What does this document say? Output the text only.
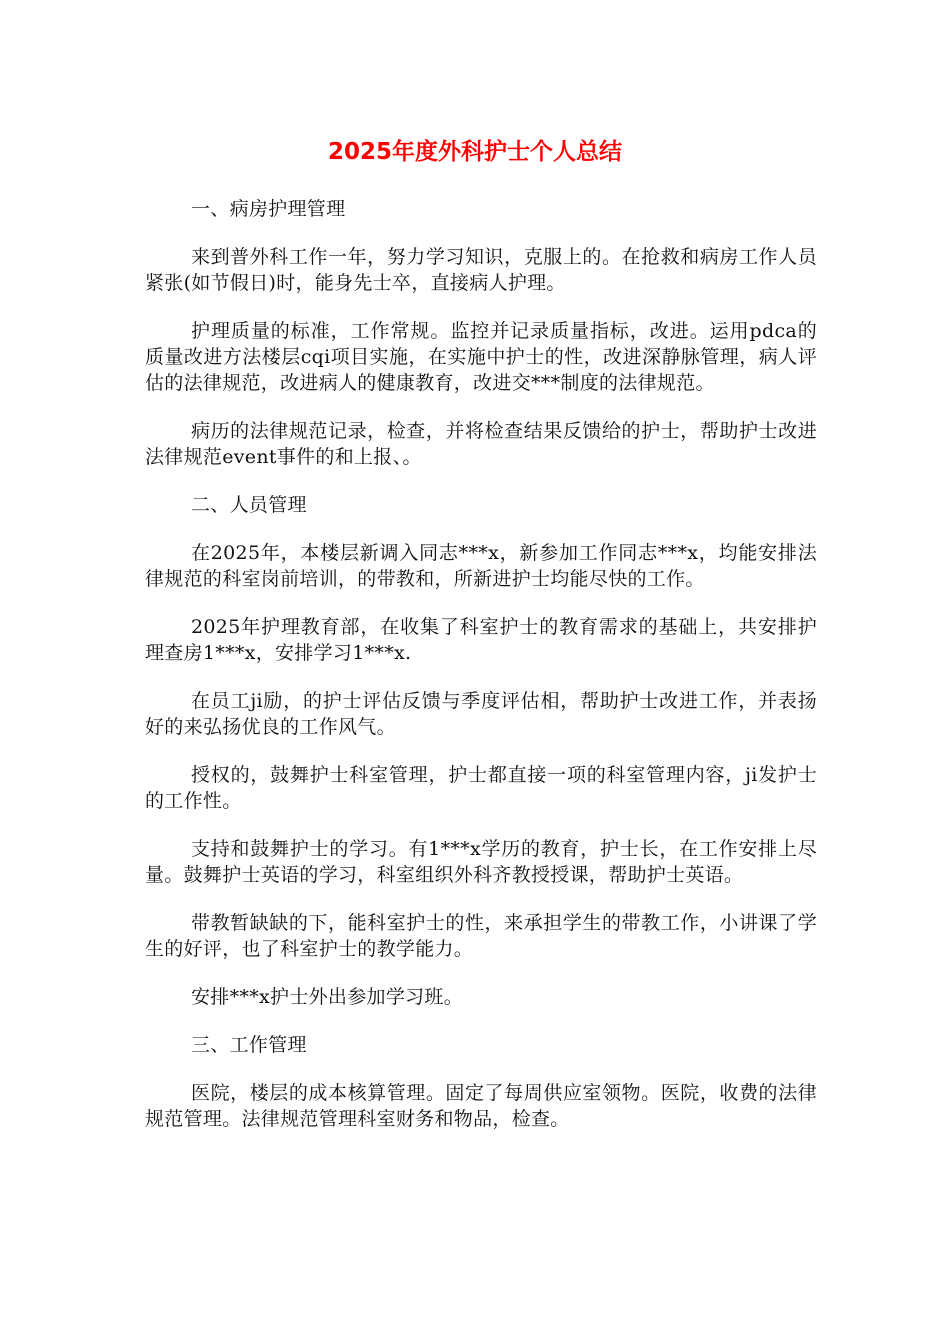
2025年度外科护士个人总结

一、病房护理管理

来到普外科工作一年，努力学习知识，克服上的。在抢救和病房工作人员紧张(如节假日)时，能身先士卒，直接病人护理。

护理质量的标准，工作常规。监控并记录质量指标，改进。运用pdca的质量改进方法楼层cqi项目实施，在实施中护士的性，改进深静脉管理，病人评估的法律规范，改进病人的健康教育，改进交***制度的法律规范。

病历的法律规范记录，检查，并将检查结果反馈给的护士，帮助护士改进法律规范event事件的和上报、。

二、人员管理

在2025年，本楼层新调入同志***x，新参加工作同志***x，均能安排法律规范的科室岗前培训，的带教和，所新进护士均能尽快的工作。

2025年护理教育部，在收集了科室护士的教育需求的基础上，共安排护理查房1***x，安排学习1***x.

在员工ji励，的护士评估反馈与季度评估相，帮助护士改进工作，并表扬好的来弘扬优良的工作风气。

授权的，鼓舞护士科室管理，护士都直接一项的科室管理内容，ji发护士的工作性。

支持和鼓舞护士的学习。有1***x学历的教育，护士长，在工作安排上尽量。鼓舞护士英语的学习，科室组织外科齐教授授课，帮助护士英语。

带教暂缺缺的下，能科室护士的性，来承担学生的带教工作，小讲课了学生的好评，也了科室护士的教学能力。

安排***x护士外出参加学习班。

三、工作管理

医院，楼层的成本核算管理。固定了每周供应室领物。医院，收费的法律规范管理。法律规范管理科室财务和物品，检查。
